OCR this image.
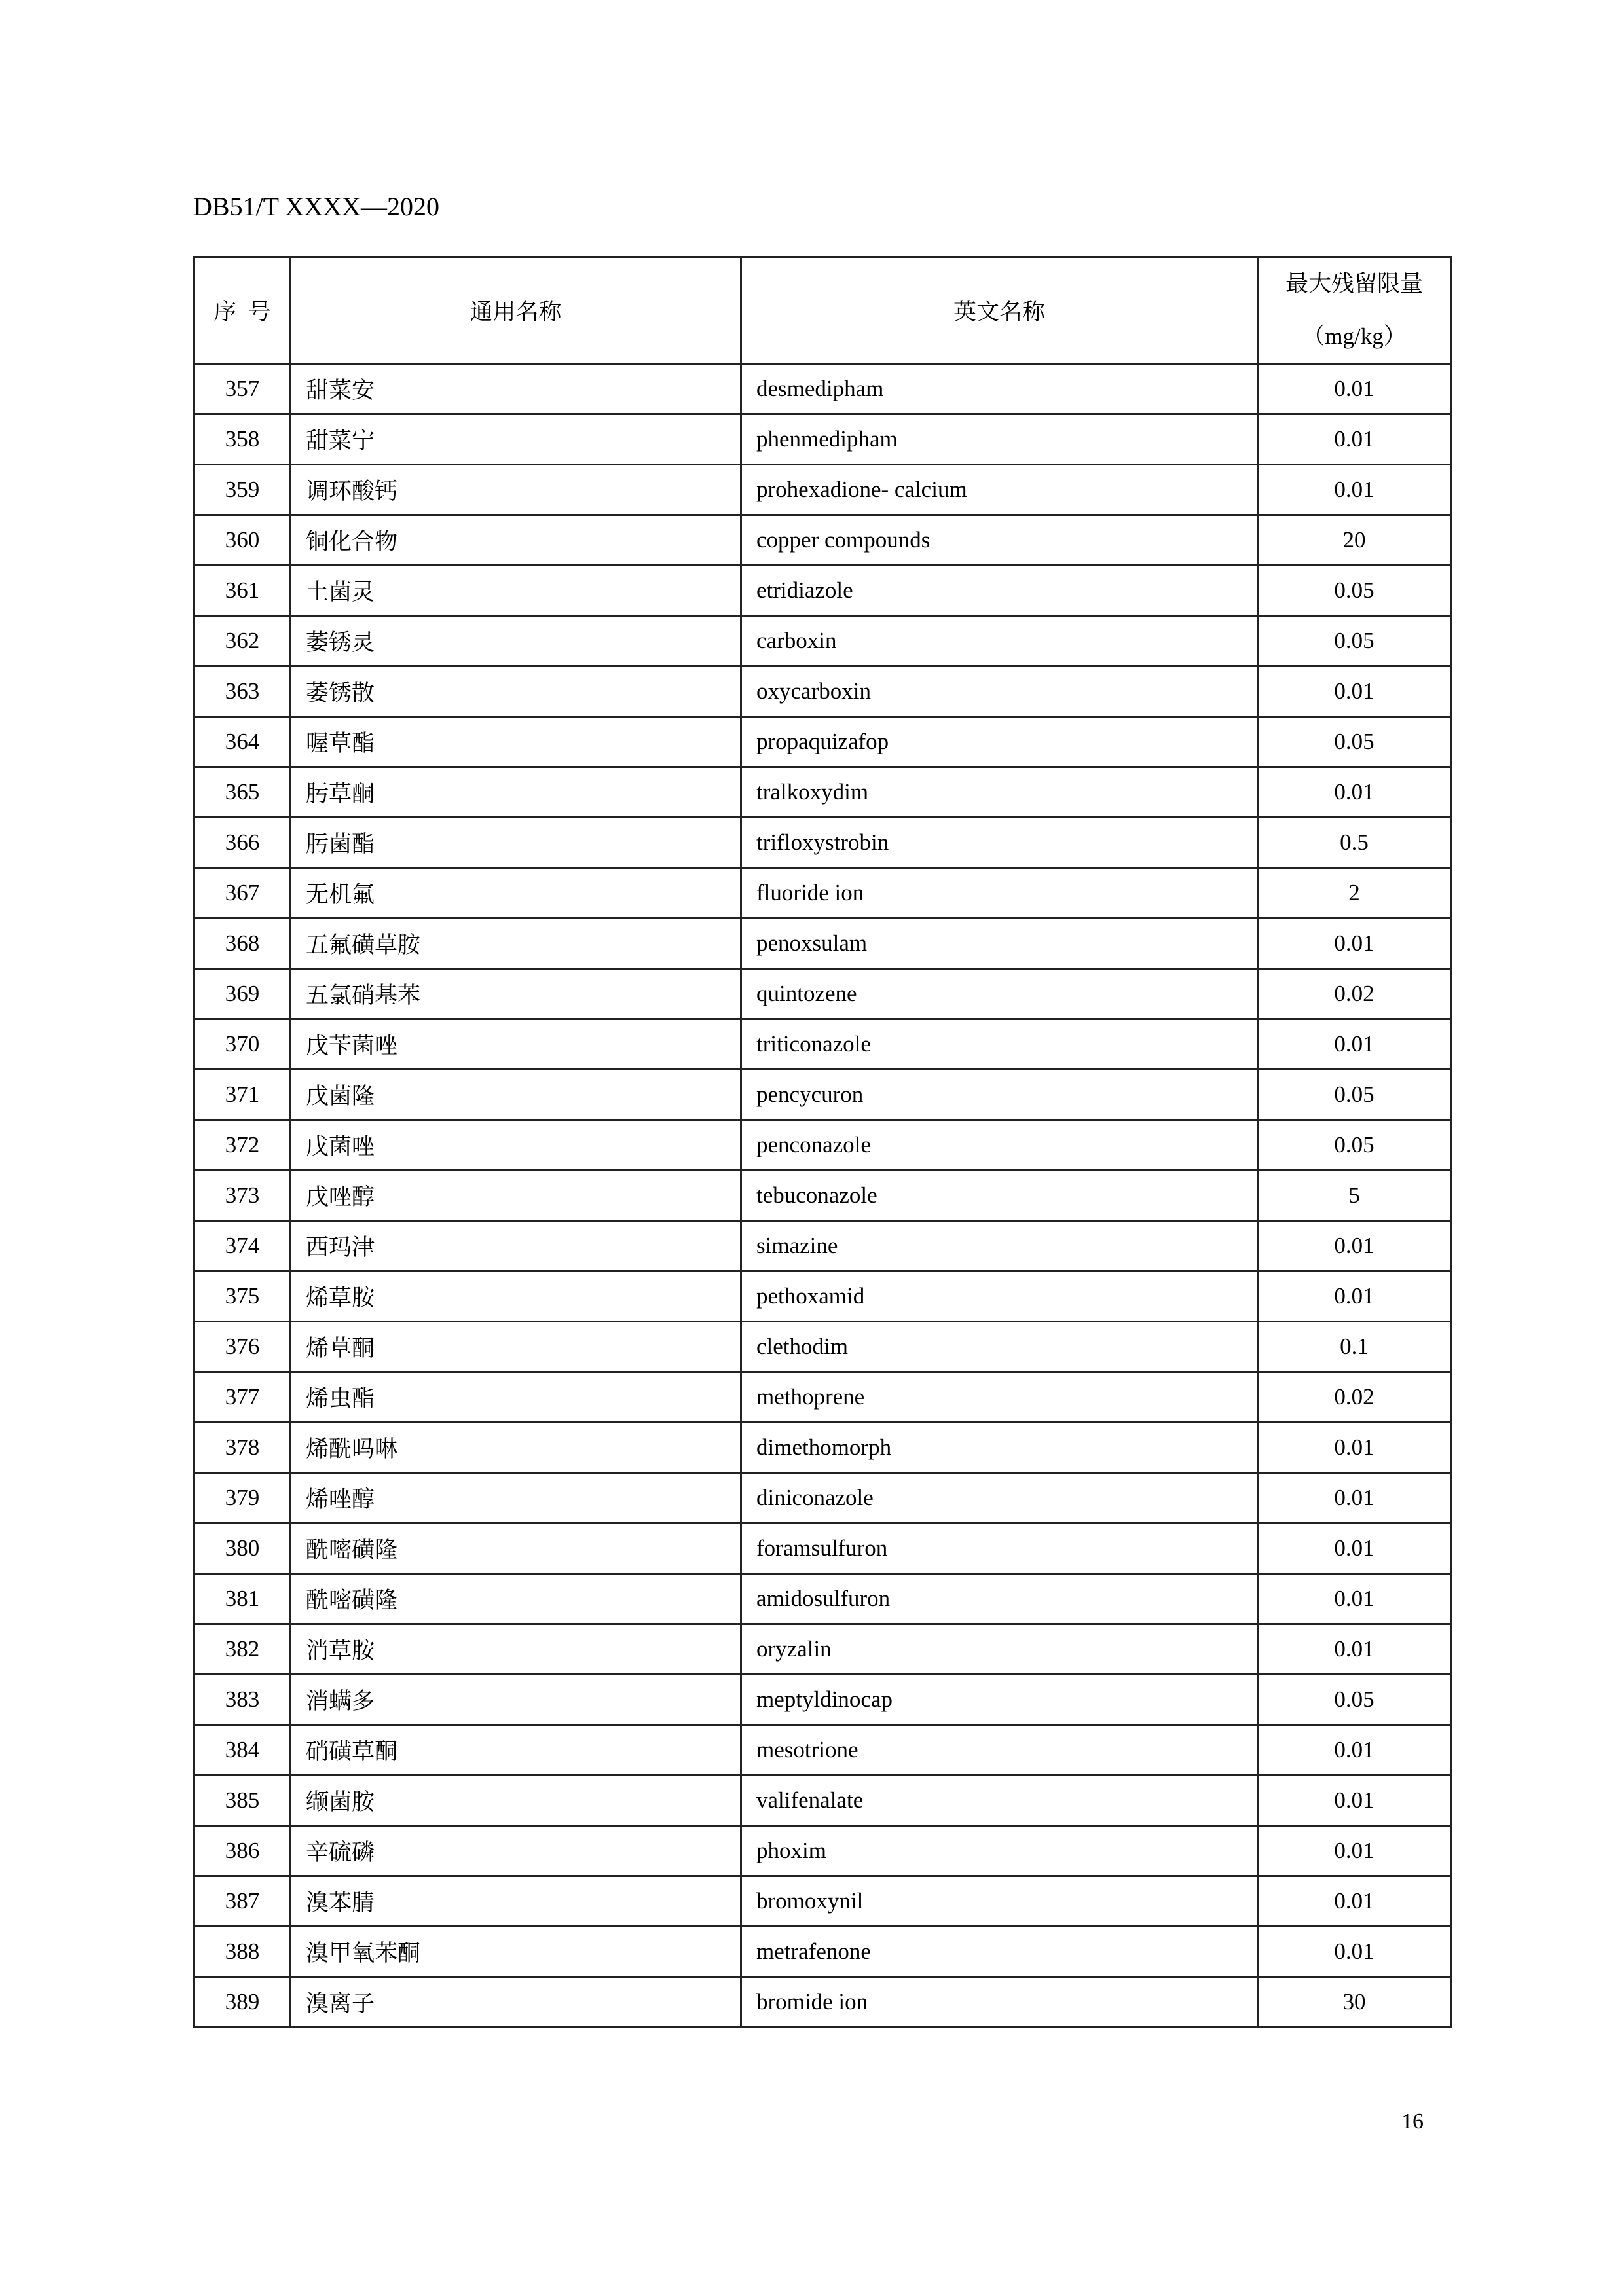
DB51/T XXXX—2020
序  号	通用名称	英文名称	最大残留限量
（mg/kg）

357	甜菜安	desmedipham	0.01
358	甜菜宁	phenmedipham	0.01
359	调环酸钙	prohexadione- calcium	0.01
360	铜化合物	copper compounds	20
361	土菌灵	etridiazole	0.05
362	萎锈灵	carboxin	0.05
363	萎锈散	oxycarboxin	0.01
364	喔草酯	propaquizafop	0.05
365	肟草酮	tralkoxydim	0.01
366	肟菌酯	trifloxystrobin	0.5
367	无机氟	fluoride ion	2
368	五氟磺草胺	penoxsulam	0.01
369	五氯硝基苯	quintozene	0.02
370	戊苄菌唑	triticonazole	0.01
371	戊菌隆	pencycuron	0.05
372	戊菌唑	penconazole	0.05
373	戊唑醇	tebuconazole	5
374	西玛津	simazine	0.01
375	烯草胺	pethoxamid	0.01
376	烯草酮	clethodim	0.1
377	烯虫酯	methoprene	0.02
378	烯酰吗啉	dimethomorph	0.01
379	烯唑醇	diniconazole	0.01
380	酰嘧磺隆	foramsulfuron	0.01
381	酰嘧磺隆	amidosulfuron	0.01
382	消草胺	oryzalin	0.01
383	消螨多	meptyldinocap	0.05
384	硝磺草酮	mesotrione	0.01
385	缬菌胺	valifenalate	0.01
386	辛硫磷	phoxim	0.01
387	溴苯腈	bromoxynil	0.01
388	溴甲氧苯酮	metrafenone	0.01
389	溴离子	bromide ion	30
16
